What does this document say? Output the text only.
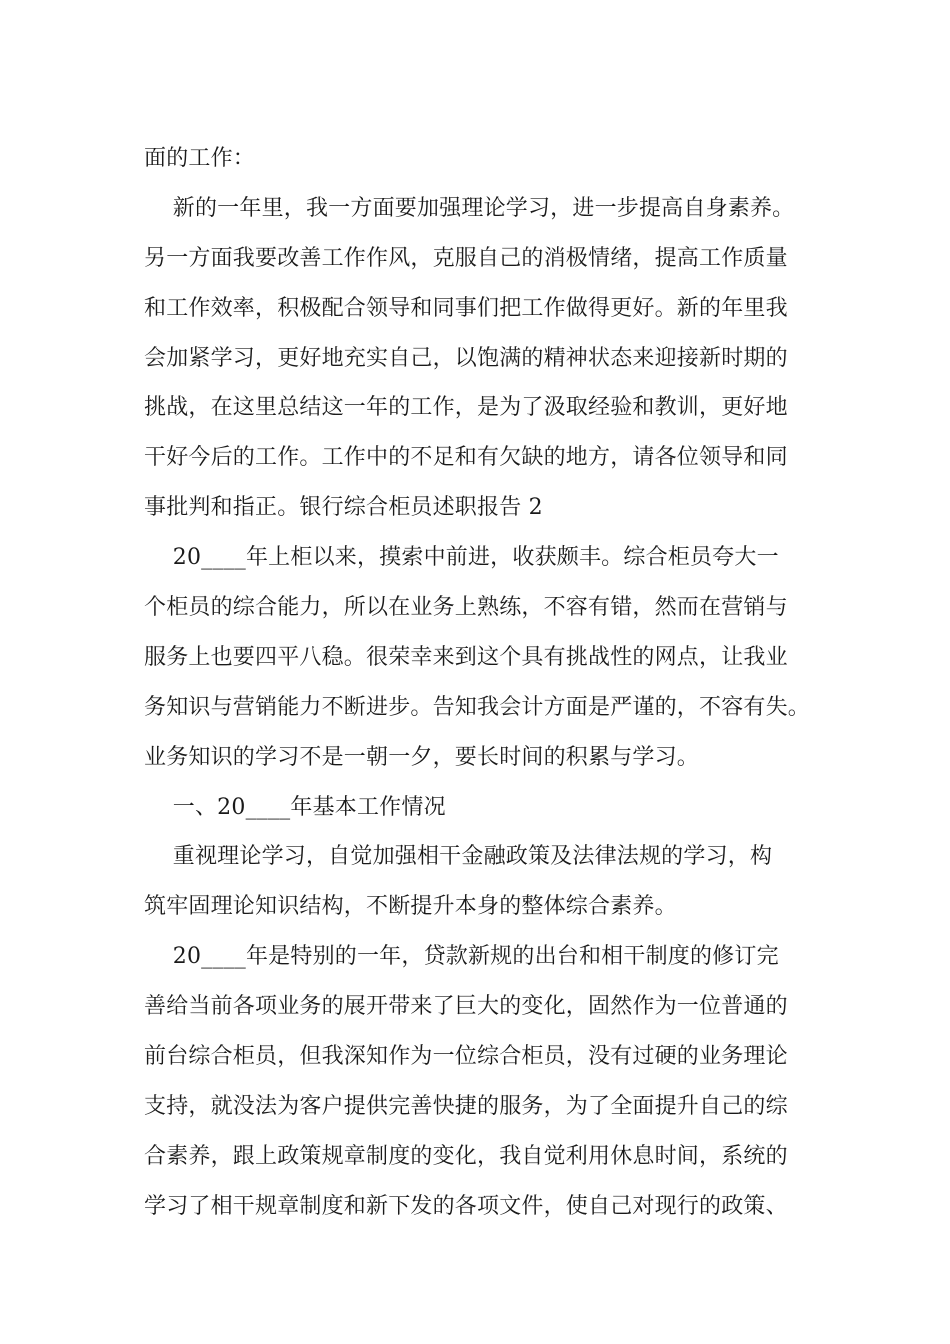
面的工作：
新的一年里，我一方面要加强理论学习，进一步提高自身素养。
另一方面我要改善工作作风，克服自己的消极情绪，提高工作质量
和工作效率，积极配合领导和同事们把工作做得更好。新的年里我
会加紧学习，更好地充实自己，以饱满的精神状态来迎接新时期的
挑战，在这里总结这一年的工作，是为了汲取经验和教训，更好地
干好今后的工作。工作中的不足和有欠缺的地方，请各位领导和同
事批判和指正。银行综合柜员述职报告 2
20____年上柜以来，摸索中前进，收获颇丰。综合柜员夸大一
个柜员的综合能力，所以在业务上熟练，不容有错，然而在营销与
服务上也要四平八稳。很荣幸来到这个具有挑战性的网点，让我业
务知识与营销能力不断进步。告知我会计方面是严谨的，不容有失。
业务知识的学习不是一朝一夕，要长时间的积累与学习。
一、20____年基本工作情况
重视理论学习，自觉加强相干金融政策及法律法规的学习，构
筑牢固理论知识结构，不断提升本身的整体综合素养。
20____年是特别的一年，贷款新规的出台和相干制度的修订完
善给当前各项业务的展开带来了巨大的变化，固然作为一位普通的
前台综合柜员，但我深知作为一位综合柜员，没有过硬的业务理论
支持，就没法为客户提供完善快捷的服务，为了全面提升自己的综
合素养，跟上政策规章制度的变化，我自觉利用休息时间，系统的
学习了相干规章制度和新下发的各项文件，使自己对现行的政策、
